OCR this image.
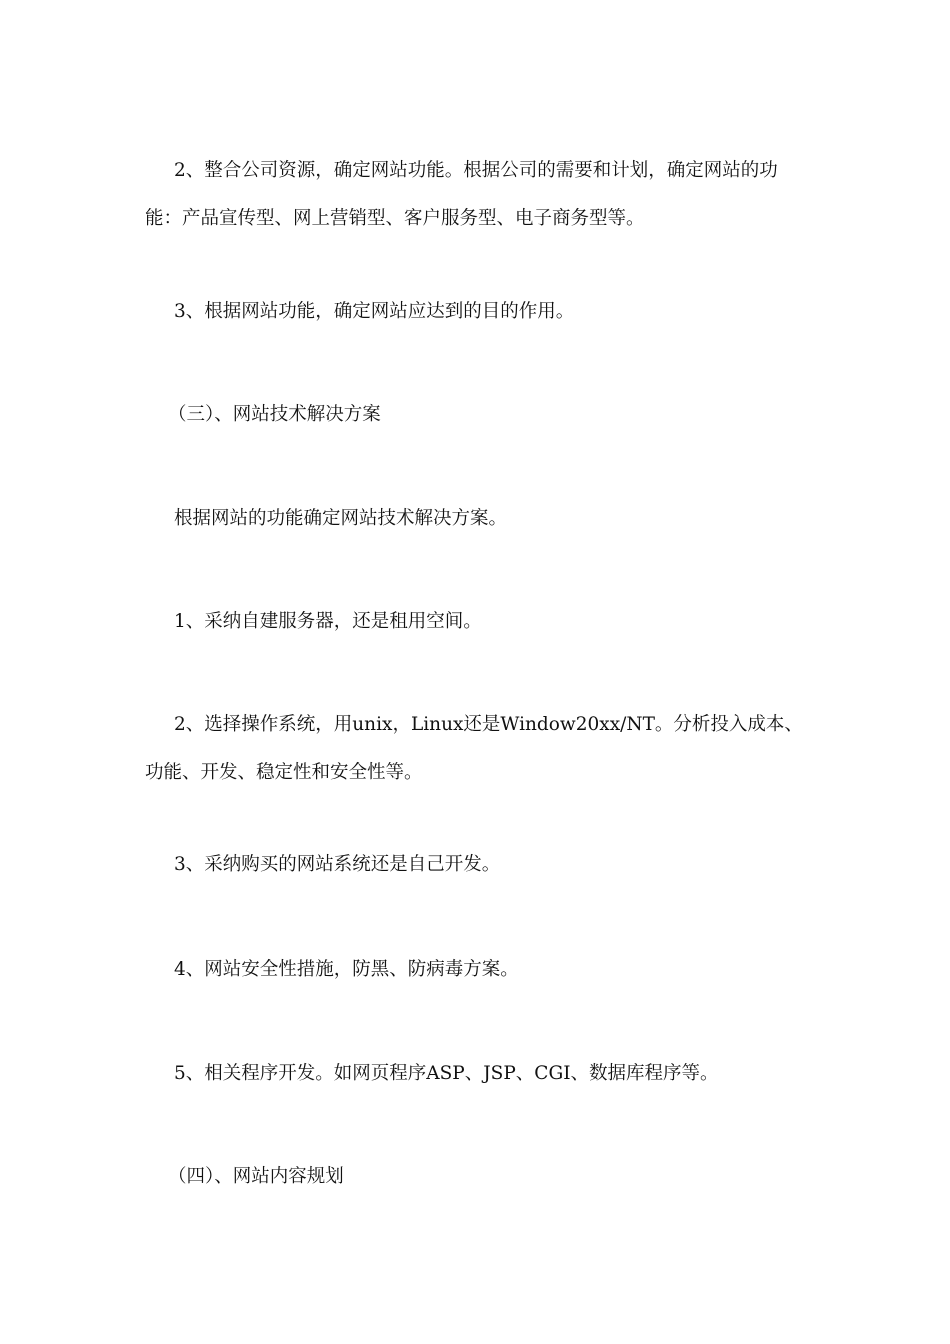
2、整合公司资源，确定网站功能。根据公司的需要和计划，确定网站的功能：产品宣传型、网上营销型、客户服务型、电子商务型等。

3、根据网站功能，确定网站应达到的目的作用。

（三）、网站技术解决方案

根据网站的功能确定网站技术解决方案。

1、采纳自建服务器，还是租用空间。

2、选择操作系统，用unix，Linux还是Window20xx/NT。分析投入成本、功能、开发、稳定性和安全性等。

3、采纳购买的网站系统还是自己开发。

4、网站安全性措施，防黑、防病毒方案。

5、相关程序开发。如网页程序ASP、JSP、CGI、数据库程序等。

（四）、网站内容规划
